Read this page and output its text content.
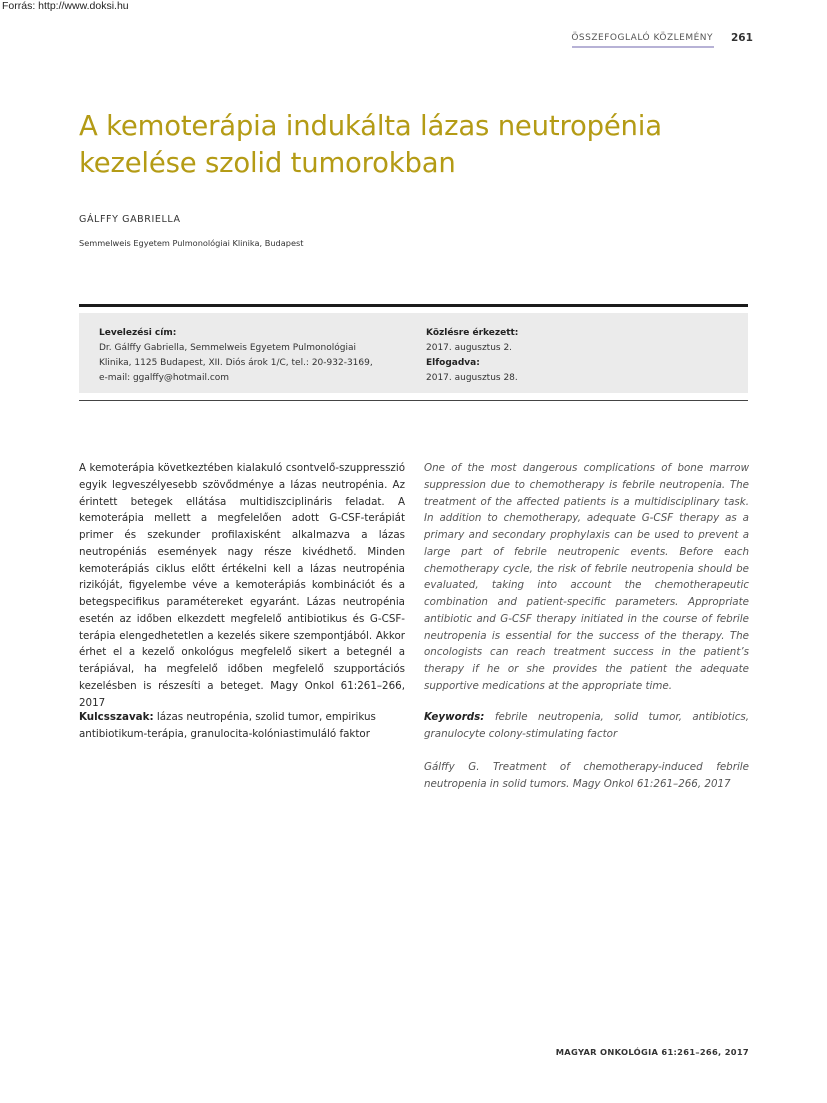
Forrás: http://www.doksi.hu
ÖSSZEFOGLALÓ KÖZLEMÉNY 261
A kemoterápia indukálta lázas neutropénia
kezelése szolid tumorokban
GÁLFFY GABRIELLA
Semmelweis Egyetem Pulmonológiai Klinika, Budapest
Levelezési cím:
Dr. Gálffy Gabriella, Semmelweis Egyetem Pulmonológiai
Klinika, 1125 Budapest, XII. Diós árok 1/C, tel.: 20-932-3169,
e-mail: ggalffy@hotmail.com
Közlésre érkezett:
2017. augusztus 2.
Elfogadva:
2017. augusztus 28.

A kemoterápia következtében kialakuló csontvelő-szuppresszió egyik legveszélyesebb szövődménye a lázas neutropénia. Az érintett betegek ellátása multidiszciplináris feladat. A kemoterápia mellett a megfelelően adott G-CSF-terápiát primer és szekunder profilaxisként alkalmazva a lázas neutropéniás események nagy része kivédhető. Minden kemoterápiás ciklus előtt értékelni kell a lázas neutropénia rizikóját, figyelembe véve a kemoterápiás kombinációt és a betegspecifikus paramétereket egyaránt. Lázas neutropénia esetén az időben elkezdett megfelelő antibiotikus és G-CSF-terápia elengedhetetlen a kezelés sikere szempontjából. Akkor érhet el a kezelő onkológus megfelelő sikert a betegnél a terápiával, ha megfelelő időben megfelelő szupportációs kezelésben is részesíti a beteget. Magy Onkol 61:261–266, 2017

Kulcsszavak: lázas neutropénia, szolid tumor, empirikus antibiotikum-terápia, granulocita-kolóniastimuláló faktor

One of the most dangerous complications of bone marrow suppression due to chemotherapy is febrile neutropenia. The treatment of the affected patients is a multidisciplinary task. In addition to chemotherapy, adequate G-CSF therapy as a primary and secondary prophylaxis can be used to prevent a large part of febrile neutropenic events. Before each chemotherapy cycle, the risk of febrile neutropenia should be evaluated, taking into account the chemotherapeutic combination and patient-specific parameters. Appropriate antibiotic and G-CSF therapy initiated in the course of febrile neutropenia is essential for the success of the therapy. The oncologists can reach treatment success in the patient’s therapy if he or she provides the patient the adequate supportive medications at the appropriate time.

Keywords: febrile neutropenia, solid tumor, antibiotics, granulocyte colony-stimulating factor

Gálffy G. Treatment of chemotherapy-induced febrile neutropenia in solid tumors. Magy Onkol 61:261–266, 2017

MAGYAR ONKOLÓGIA 61:261–266, 2017
